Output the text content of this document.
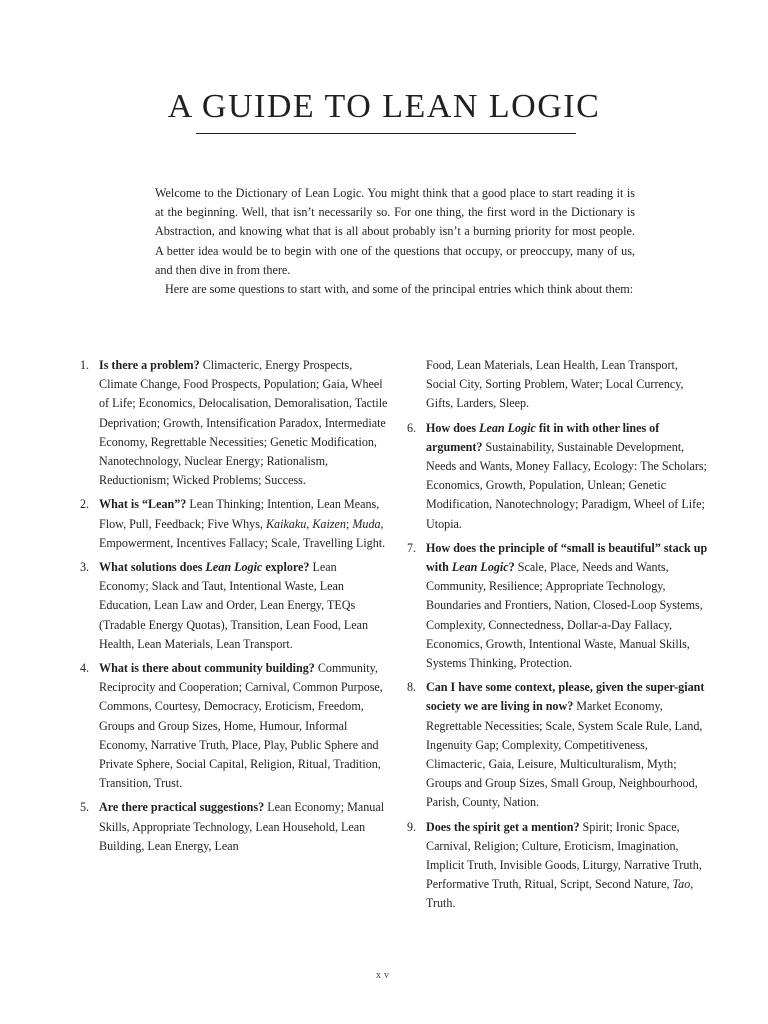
A GUIDE TO LEAN LOGIC

Welcome to the Dictionary of Lean Logic. You might think that a good place to start reading it is at the beginning. Well, that isn’t necessarily so. For one thing, the first word in the Dictionary is Abstraction, and knowing what that is all about probably isn’t a burning priority for most people. A better idea would be to begin with one of the questions that occupy, or preoccupy, many of us, and then dive in from there.

Here are some questions to start with, and some of the principal entries which think about them:

1. Is there a problem? Climacteric, Energy Prospects, Climate Change, Food Prospects, Population; Gaia, Wheel of Life; Economics, Delocalisation, Demoralisation, Tactile Deprivation; Growth, Intensification Paradox, Intermediate Economy, Regrettable Necessities; Genetic Modification, Nanotechnology, Nuclear Energy; Rationalism, Reductionism; Wicked Problems; Success.
2. What is “Lean”? Lean Thinking; Intention, Lean Means, Flow, Pull, Feedback; Five Whys, Kaikaku, Kaizen; Muda, Empowerment, Incentives Fallacy; Scale, Travelling Light.
3. What solutions does Lean Logic explore? Lean Economy; Slack and Taut, Intentional Waste, Lean Education, Lean Law and Order, Lean Energy, TEQs (Tradable Energy Quotas), Transition, Lean Food, Lean Health, Lean Materials, Lean Transport.
4. What is there about community building? Community, Reciprocity and Cooperation; Carnival, Common Purpose, Commons, Courtesy, Democracy, Eroticism, Freedom, Groups and Group Sizes, Home, Humour, Informal Economy, Narrative Truth, Place, Play, Public Sphere and Private Sphere, Social Capital, Religion, Ritual, Tradition, Transition, Trust.
5. Are there practical suggestions? Lean Economy; Manual Skills, Appropriate Technology, Lean Household, Lean Building, Lean Energy, Lean
Food, Lean Materials, Lean Health, Lean Transport, Social City, Sorting Problem, Water; Local Currency, Gifts, Larders, Sleep.
6. How does Lean Logic fit in with other lines of argument? Sustainability, Sustainable Development, Needs and Wants, Money Fallacy, Ecology: The Scholars; Economics, Growth, Population, Unlean; Genetic Modification, Nanotechnology; Paradigm, Wheel of Life; Utopia.
7. How does the principle of “small is beautiful” stack up with Lean Logic? Scale, Place, Needs and Wants, Community, Resilience; Appropriate Technology, Boundaries and Frontiers, Nation, Closed-Loop Systems, Complexity, Connectedness, Dollar-a-Day Fallacy, Economics, Growth, Intentional Waste, Manual Skills, Systems Thinking, Protection.
8. Can I have some context, please, given the super-giant society we are living in now? Market Economy, Regrettable Necessities; Scale, System Scale Rule, Land, Ingenuity Gap; Complexity, Competitiveness, Climacteric, Gaia, Leisure, Multiculturalism, Myth; Groups and Group Sizes, Small Group, Neighbourhood, Parish, County, Nation.
9. Does the spirit get a mention? Spirit; Ironic Space, Carnival, Religion; Culture, Eroticism, Imagination, Implicit Truth, Invisible Goods, Liturgy, Narrative Truth, Performative Truth, Ritual, Script, Second Nature, Tao, Truth.
xv
